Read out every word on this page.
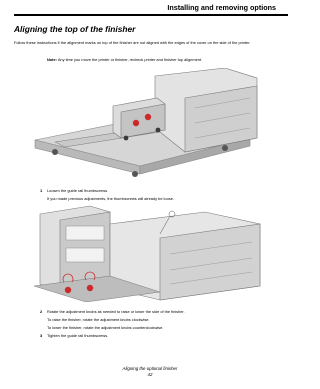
Installing and removing options
Aligning the top of the finisher
Follow these instructions if the alignment marks on top of the finisher are not aligned with the edges of the cover on the side of the printer.
Note: Any time you move the printer or finisher, recheck printer and finisher top alignment.
1 Loosen the guide rail thumbscrews.
If you made previous adjustments, the thumbscrews will already be loose.
2 Rotate the adjustment knobs as needed to raise or lower the side of the finisher.
To raise the finisher, rotate the adjustment knobs clockwise.
To lower the finisher, rotate the adjustment knobs counterclockwise.
3 Tighten the guide rail thumbscrews.
Aligning the optional finisher
42
